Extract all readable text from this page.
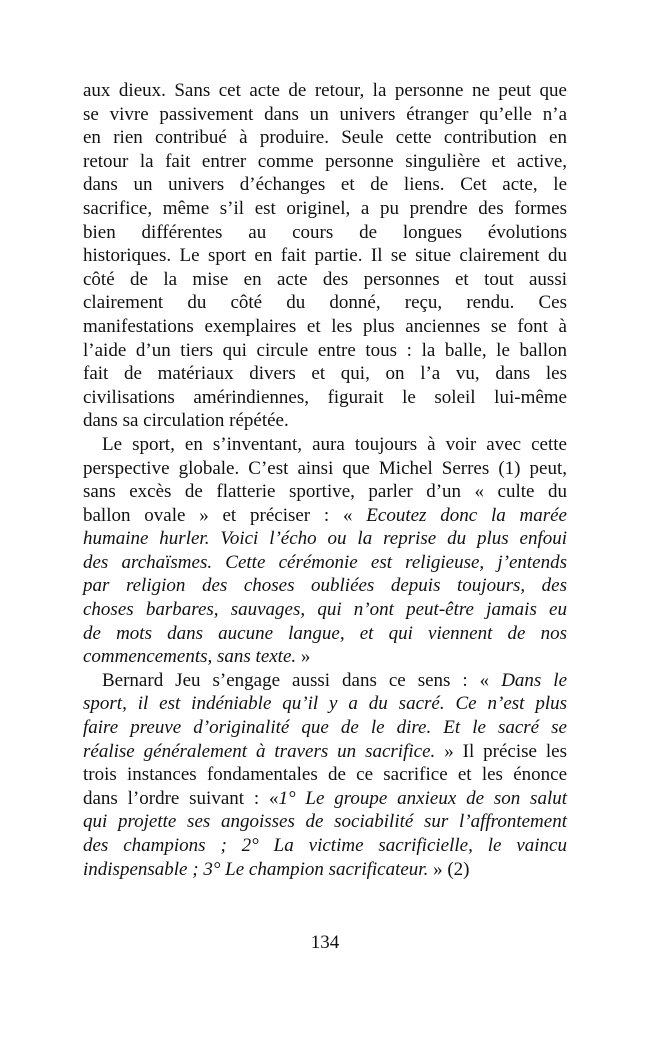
aux dieux. Sans cet acte de retour, la personne ne peut que
se vivre passivement dans un univers étranger qu’elle n’a
en rien contribué à produire. Seule cette contribution en
retour la fait entrer comme personne singulière et active,
dans un univers d’échanges et de liens. Cet acte, le
sacrifice, même s’il est originel, a pu prendre des formes
bien différentes au cours de longues évolutions
historiques. Le sport en fait partie. Il se situe clairement du
côté de la mise en acte des personnes et tout aussi
clairement du côté du donné, reçu, rendu. Ces
manifestations exemplaires et les plus anciennes se font à
l’aide d’un tiers qui circule entre tous : la balle, le ballon
fait de matériaux divers et qui, on l’a vu, dans les
civilisations amérindiennes, figurait le soleil lui-même
dans sa circulation répétée.
Le sport, en s’inventant, aura toujours à voir avec cette
perspective globale. C’est ainsi que Michel Serres (1) peut,
sans excès de flatterie sportive, parler d’un « culte du
ballon ovale » et préciser : « Ecoutez donc la marée
humaine hurler. Voici l’écho ou la reprise du plus enfoui
des archaïsmes. Cette cérémonie est religieuse, j’entends
par religion des choses oubliées depuis toujours, des
choses barbares, sauvages, qui n’ont peut-être jamais eu
de mots dans aucune langue, et qui viennent de nos
commencements, sans texte. »
Bernard Jeu s’engage aussi dans ce sens : « Dans le
sport, il est indéniable qu’il y a du sacré. Ce n’est plus
faire preuve d’originalité que de le dire. Et le sacré se
réalise généralement à travers un sacrifice. » Il précise les
trois instances fondamentales de ce sacrifice et les énonce
dans l’ordre suivant : «1° Le groupe anxieux de son salut
qui projette ses angoisses de sociabilité sur l’affrontement
des champions ; 2° La victime sacrificielle, le vaincu
indispensable ; 3° Le champion sacrificateur. » (2)
134
